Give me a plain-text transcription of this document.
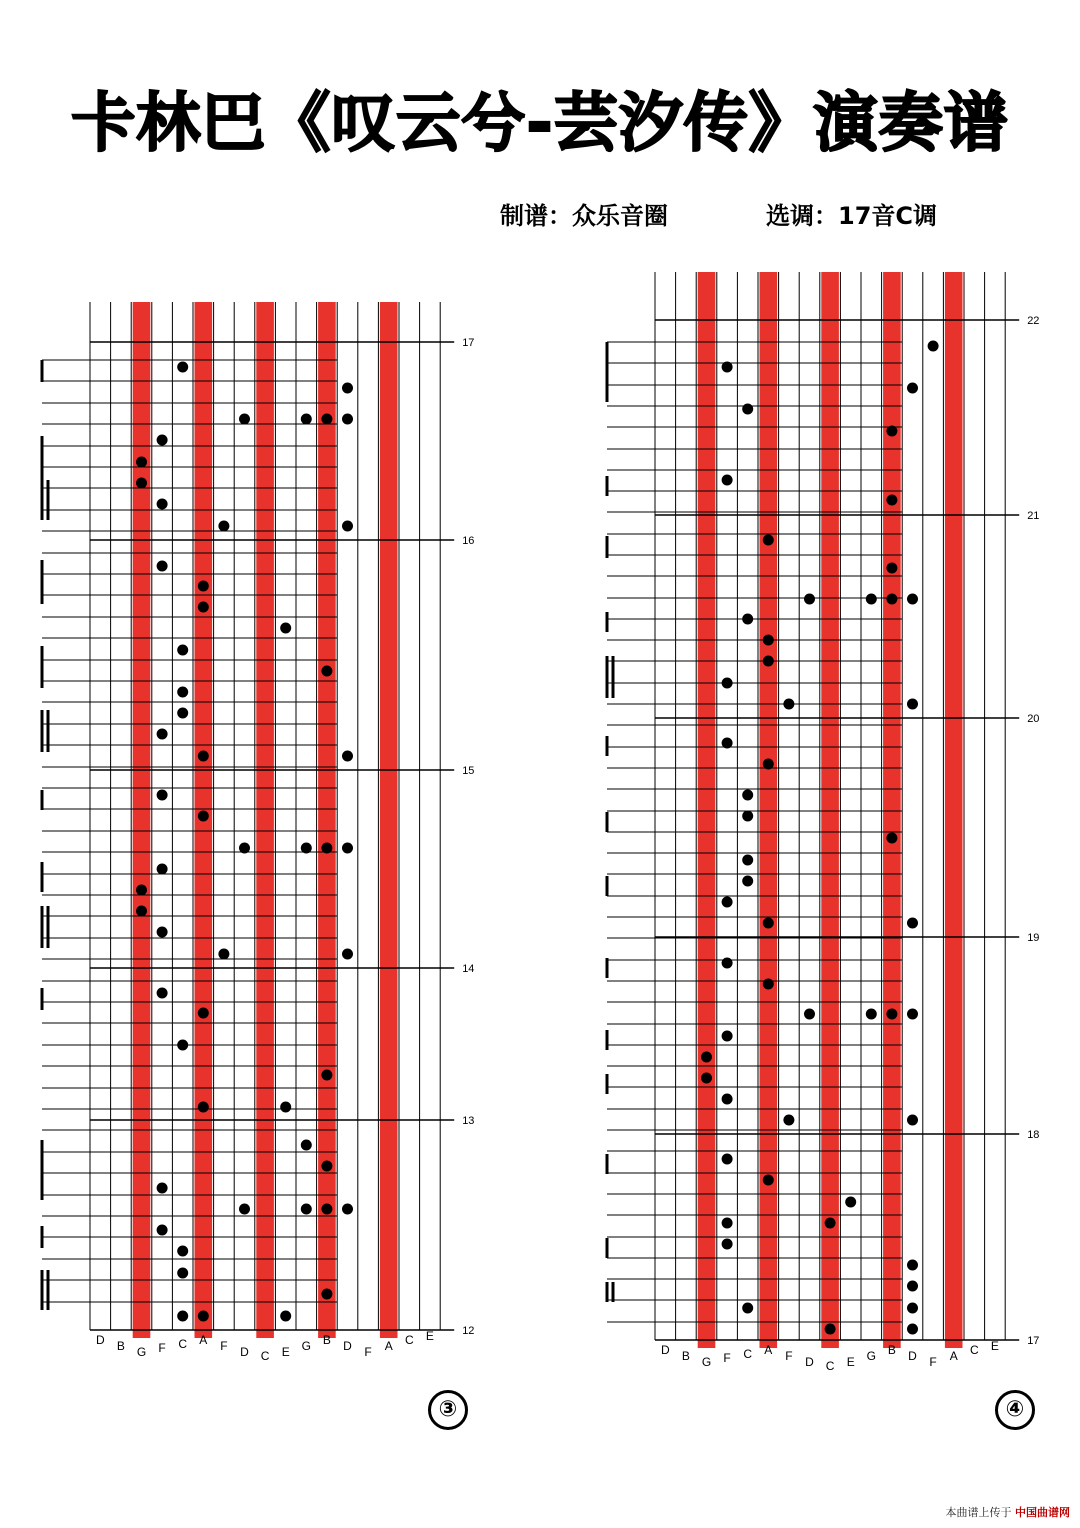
卡林巴《叹云兮-芸汐传》演奏谱
制谱：众乐音圈	选调：17音C调
17
16
15
14
13
12
D B G F C A F D C E G B D F A C E
22
21
20
19
18
17
D B G F C A F D C E G B D F A C E
③	④
本曲谱上传于 中国曲谱网
